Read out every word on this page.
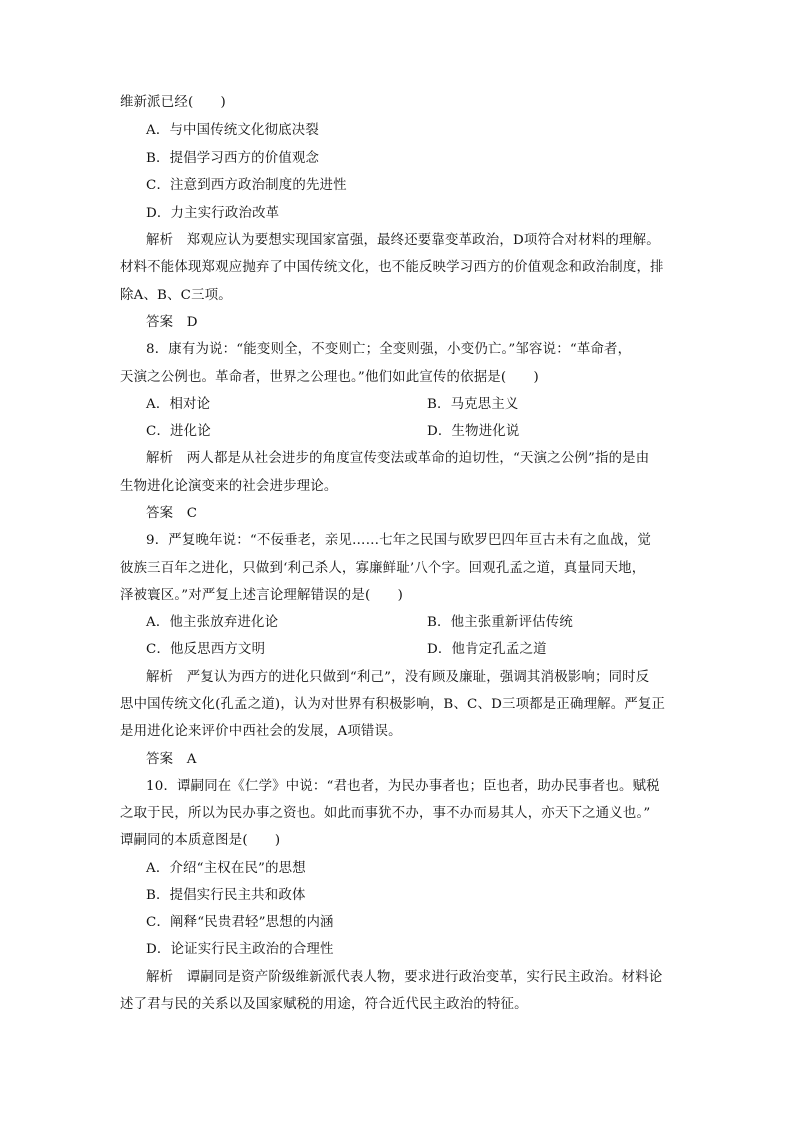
维新派已经(　　)
A．与中国传统文化彻底决裂
B．提倡学习西方的价值观念
C．注意到西方政治制度的先进性
D．力主实行政治改革
解析　郑观应认为要想实现国家富强，最终还要靠变革政治，D项符合对材料的理解。
材料不能体现郑观应抛弃了中国传统文化，也不能反映学习西方的价值观念和政治制度，排
除A、B、C三项。
答案　D
8．康有为说：“能变则全，不变则亡；全变则强，小变仍亡。”邹容说：“革命者，
天演之公例也。革命者，世界之公理也。”他们如此宣传的依据是(　　)
A．相对论	B．马克思主义
C．进化论	D．生物进化说
解析　两人都是从社会进步的角度宣传变法或革命的迫切性，“天演之公例”指的是由
生物进化论演变来的社会进步理论。
答案　C
9．严复晚年说：“不佞垂老，亲见……七年之民国与欧罗巴四年亘古未有之血战，觉
彼族三百年之进化，只做到‘利己杀人，寡廉鲜耻’八个字。回观孔孟之道，真量同天地，
泽被寰区。”对严复上述言论理解错误的是(　　)
A．他主张放弃进化论	B．他主张重新评估传统
C．他反思西方文明	D．他肯定孔孟之道
解析　严复认为西方的进化只做到“利己”，没有顾及廉耻，强调其消极影响；同时反
思中国传统文化(孔孟之道)，认为对世界有积极影响，B、C、D三项都是正确理解。严复正
是用进化论来评价中西社会的发展，A项错误。
答案　A
10．谭嗣同在《仁学》中说：“君也者，为民办事者也；臣也者，助办民事者也。赋税
之取于民，所以为民办事之资也。如此而事犹不办，事不办而易其人，亦天下之通义也。”
谭嗣同的本质意图是(　　)
A．介绍“主权在民”的思想
B．提倡实行民主共和政体
C．阐释“民贵君轻”思想的内涵
D．论证实行民主政治的合理性
解析　谭嗣同是资产阶级维新派代表人物，要求进行政治变革，实行民主政治。材料论
述了君与民的关系以及国家赋税的用途，符合近代民主政治的特征。
